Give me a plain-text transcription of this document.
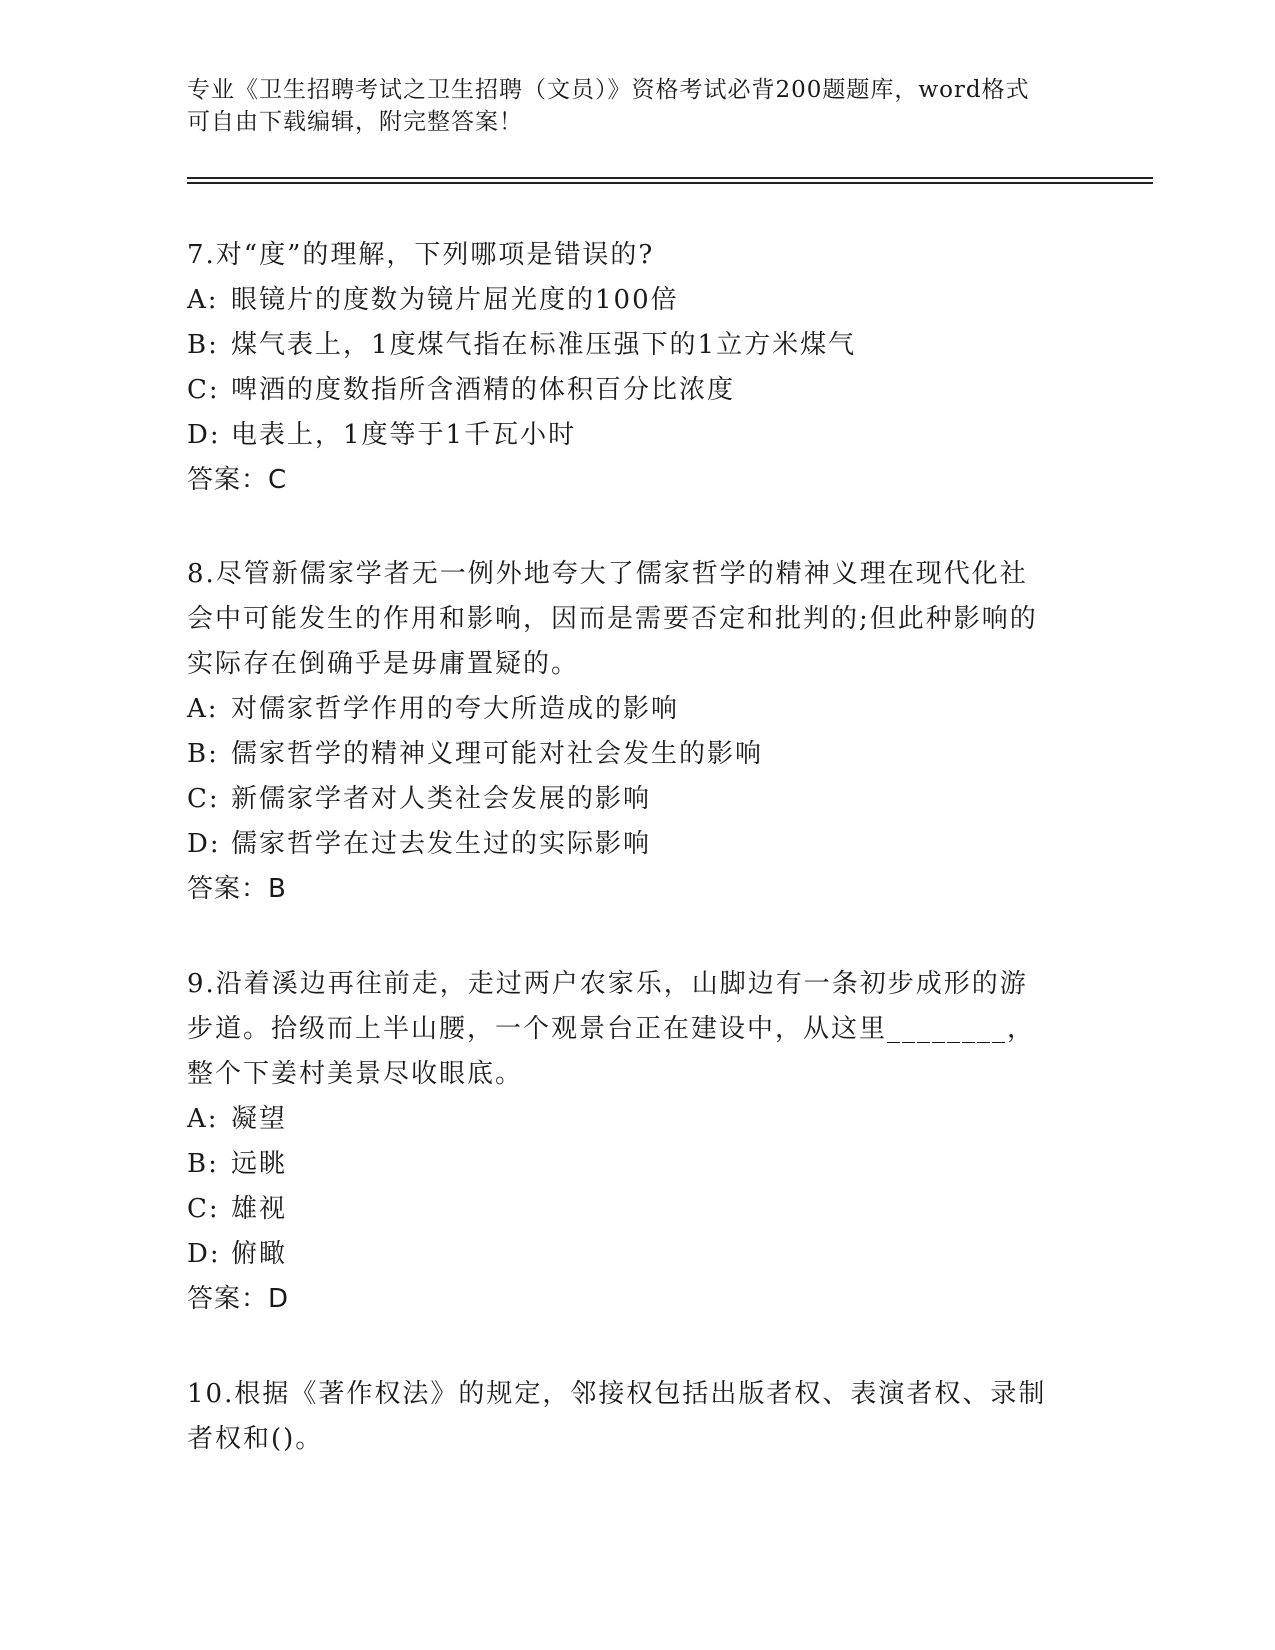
专业《卫生招聘考试之卫生招聘（文员）》资格考试必背200题题库，word格式
可自由下载编辑，附完整答案！
7.对“度”的理解，下列哪项是错误的?
A: 眼镜片的度数为镜片屈光度的100倍
B: 煤气表上，1度煤气指在标准压强下的1立方米煤气
C: 啤酒的度数指所含酒精的体积百分比浓度
D: 电表上，1度等于1千瓦小时
答案：C
8.尽管新儒家学者无一例外地夸大了儒家哲学的精神义理在现代化社
会中可能发生的作用和影响，因而是需要否定和批判的;但此种影响的
实际存在倒确乎是毋庸置疑的。
A: 对儒家哲学作用的夸大所造成的影响
B: 儒家哲学的精神义理可能对社会发生的影响
C: 新儒家学者对人类社会发展的影响
D: 儒家哲学在过去发生过的实际影响
答案：B
9.沿着溪边再往前走，走过两户农家乐，山脚边有一条初步成形的游
步道。拾级而上半山腰，一个观景台正在建设中，从这里________，
整个下姜村美景尽收眼底。
A: 凝望
B: 远眺
C: 雄视
D: 俯瞰
答案：D
10.根据《著作权法》的规定，邻接权包括出版者权、表演者权、录制
者权和()。
